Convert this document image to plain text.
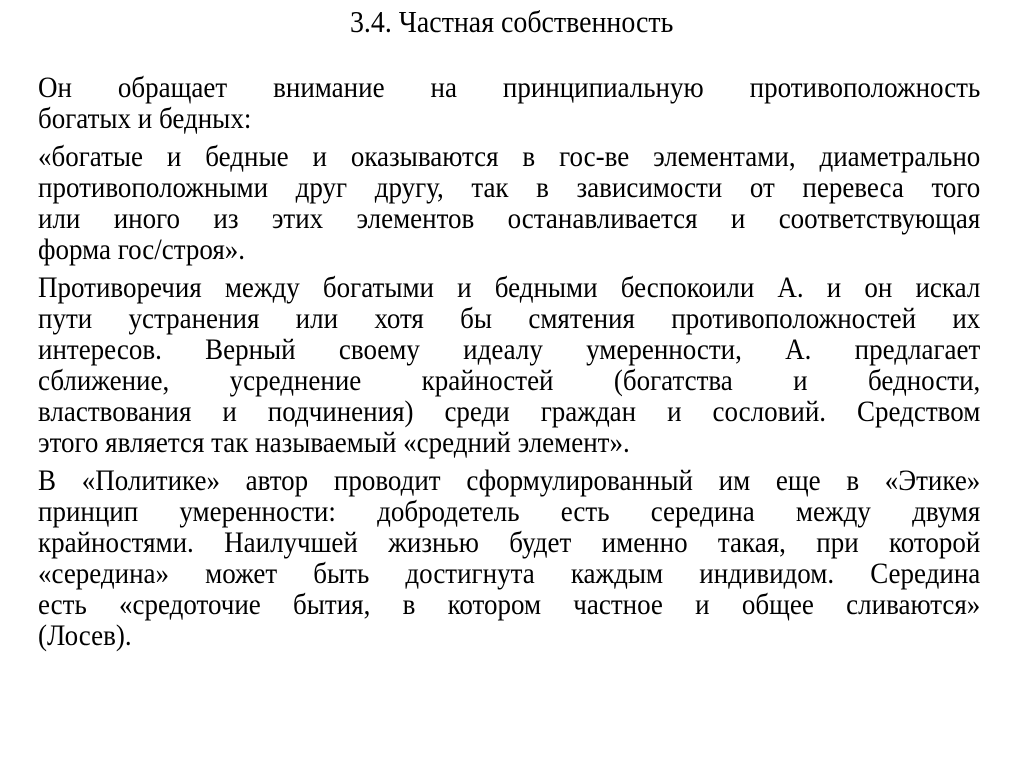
3.4. Частная собственность
Он обращает внимание на принципиальную противоположность
богатых и бедных:
«богатые и бедные и оказываются в гос-ве элементами, диаметрально
противоположными друг другу, так в зависимости от перевеса того
или иного из этих элементов останавливается и соответствующая
форма гос/строя».
Противоречия между богатыми и бедными беспокоили А. и он искал
пути устранения или хотя бы смятения противоположностей их
интересов. Верный своему идеалу умеренности, А. предлагает
сближение, усреднение крайностей (богатства и бедности,
властвования и подчинения) среди граждан и сословий. Средством
этого является так называемый «средний элемент».
В «Политике» автор проводит сформулированный им еще в «Этике»
принцип умеренности: добродетель есть середина между двумя
крайностями. Наилучшей жизнью будет именно такая, при которой
«середина» может быть достигнута каждым индивидом. Середина
есть «средоточие бытия, в котором частное и общее сливаются»
(Лосев).
